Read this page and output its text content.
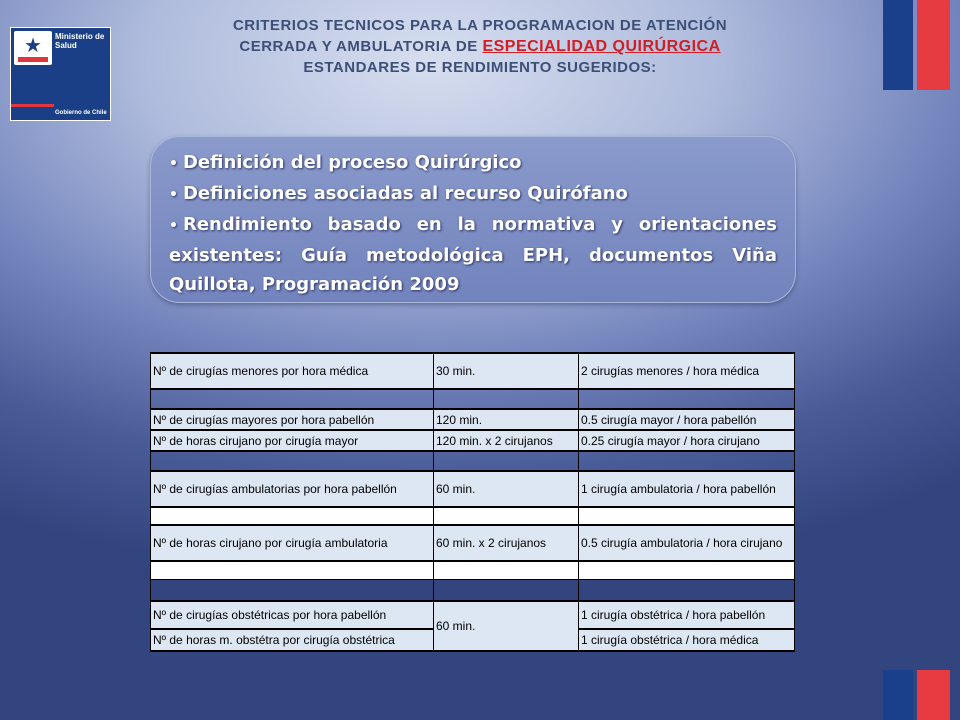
★ Ministerio de Salud
Gobierno de Chile
CRITERIOS TECNICOS PARA LA PROGRAMACION DE ATENCIÓN
CERRADA Y AMBULATORIA DE ESPECIALIDAD QUIRÚRGICA
ESTANDARES DE RENDIMIENTO SUGERIDOS:
• Definición del proceso Quirúrgico
• Definiciones asociadas al recurso Quirófano
• Rendimiento basado en la normativa y orientaciones existentes: Guía metodológica EPH, documentos Viña Quillota, Programación 2009
Nº de cirugías menores por hora médica	30 min.	2 cirugías menores / hora médica

Nº de cirugías mayores por hora pabellón	120 min.	0.5 cirugía mayor / hora pabellón
Nº de horas cirujano por cirugía mayor	120 min. x 2 cirujanos	0.25 cirugía mayor / hora cirujano

Nº de cirugías ambulatorias por hora pabellón	60 min.	1 cirugía ambulatoria / hora pabellón

Nº de horas cirujano por cirugía ambulatoria	60 min. x 2 cirujanos	0.5 cirugía ambulatoria / hora cirujano

Nº de cirugías obstétricas por hora pabellón	60 min.	1 cirugía obstétrica / hora pabellón
Nº de horas m. obstétra por cirugía obstétrica		1 cirugía obstétrica / hora médica
